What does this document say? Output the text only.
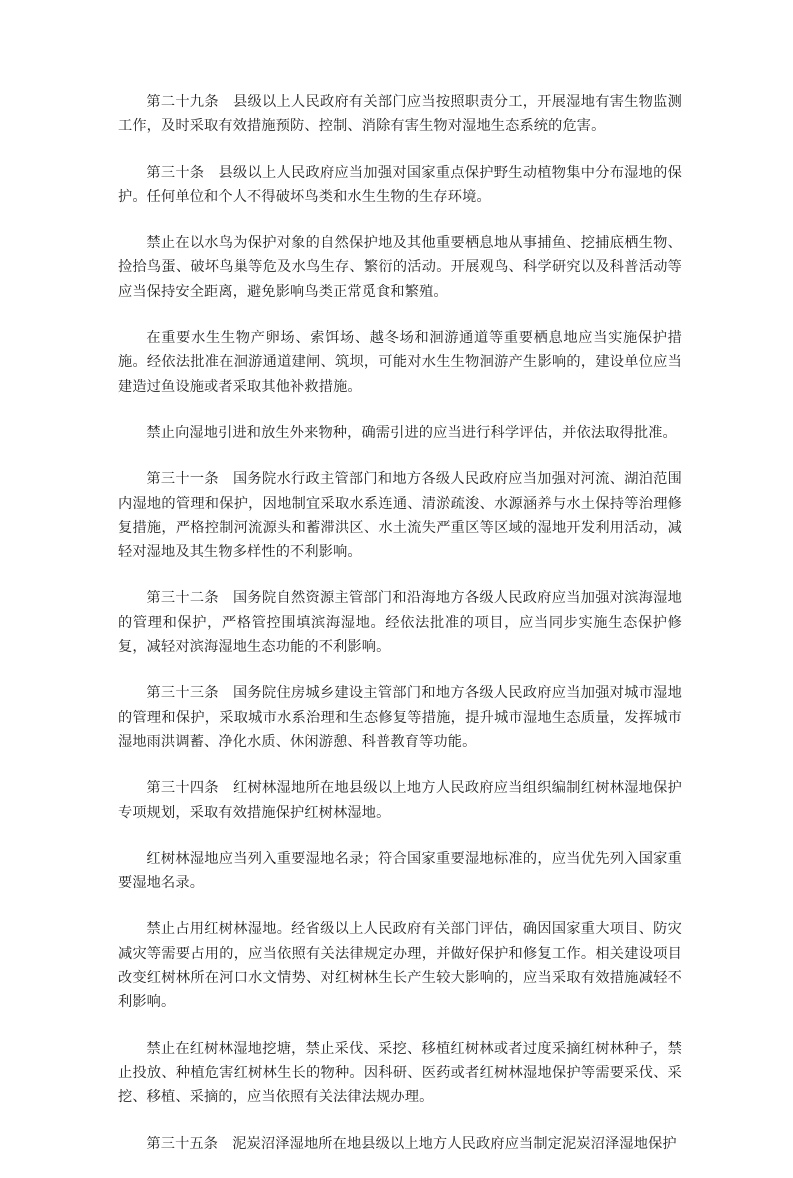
第二十九条 县级以上人民政府有关部门应当按照职责分工，开展湿地有害生物监测工作，及时采取有效措施预防、控制、消除有害生物对湿地生态系统的危害。

第三十条 县级以上人民政府应当加强对国家重点保护野生动植物集中分布湿地的保护。任何单位和个人不得破坏鸟类和水生生物的生存环境。

禁止在以水鸟为保护对象的自然保护地及其他重要栖息地从事捕鱼、挖捕底栖生物、捡拾鸟蛋、破坏鸟巢等危及水鸟生存、繁衍的活动。开展观鸟、科学研究以及科普活动等应当保持安全距离，避免影响鸟类正常觅食和繁殖。

在重要水生生物产卵场、索饵场、越冬场和洄游通道等重要栖息地应当实施保护措施。经依法批准在洄游通道建闸、筑坝，可能对水生生物洄游产生影响的，建设单位应当建造过鱼设施或者采取其他补救措施。

禁止向湿地引进和放生外来物种，确需引进的应当进行科学评估，并依法取得批准。

第三十一条 国务院水行政主管部门和地方各级人民政府应当加强对河流、湖泊范围内湿地的管理和保护，因地制宜采取水系连通、清淤疏浚、水源涵养与水土保持等治理修复措施，严格控制河流源头和蓄滞洪区、水土流失严重区等区域的湿地开发利用活动，减轻对湿地及其生物多样性的不利影响。

第三十二条 国务院自然资源主管部门和沿海地方各级人民政府应当加强对滨海湿地的管理和保护，严格管控围填滨海湿地。经依法批准的项目，应当同步实施生态保护修复，减轻对滨海湿地生态功能的不利影响。

第三十三条 国务院住房城乡建设主管部门和地方各级人民政府应当加强对城市湿地的管理和保护，采取城市水系治理和生态修复等措施，提升城市湿地生态质量，发挥城市湿地雨洪调蓄、净化水质、休闲游憩、科普教育等功能。

第三十四条 红树林湿地所在地县级以上地方人民政府应当组织编制红树林湿地保护专项规划，采取有效措施保护红树林湿地。

红树林湿地应当列入重要湿地名录；符合国家重要湿地标准的，应当优先列入国家重要湿地名录。

禁止占用红树林湿地。经省级以上人民政府有关部门评估，确因国家重大项目、防灾减灾等需要占用的，应当依照有关法律规定办理，并做好保护和修复工作。相关建设项目改变红树林所在河口水文情势、对红树林生长产生较大影响的，应当采取有效措施减轻不利影响。

禁止在红树林湿地挖塘，禁止采伐、采挖、移植红树林或者过度采摘红树林种子，禁止投放、种植危害红树林生长的物种。因科研、医药或者红树林湿地保护等需要采伐、采挖、移植、采摘的，应当依照有关法律法规办理。

第三十五条 泥炭沼泽湿地所在地县级以上地方人民政府应当制定泥炭沼泽湿地保护
